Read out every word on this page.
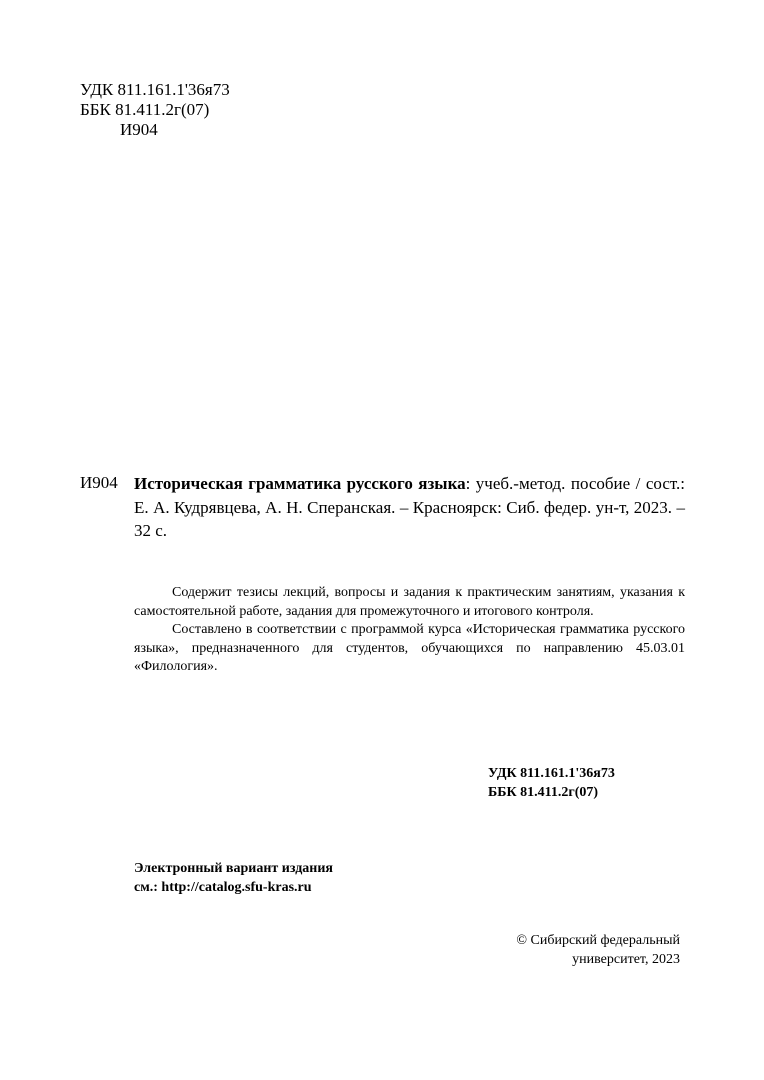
УДК 811.161.1'36я73
ББК 81.411.2г(07)
И904
И904 Историческая грамматика русского языка: учеб.-метод. пособие / сост.: Е. А. Кудрявцева, А. Н. Сперанская. – Красноярск: Сиб. федер. ун-т, 2023. – 32 с.

Содержит тезисы лекций, вопросы и задания к практическим занятиям, указания к самостоятельной работе, задания для промежуточного и итогового контроля.

Составлено в соответствии с программой курса «Историческая грамматика русского языка», предназначенного для студентов, обучающихся по направлению 45.03.01 «Филология».

УДК 811.161.1'36я73
ББК 81.411.2г(07)
Электронный вариант издания
см.: http://catalog.sfu-kras.ru
© Сибирский федеральный
университет, 2023
